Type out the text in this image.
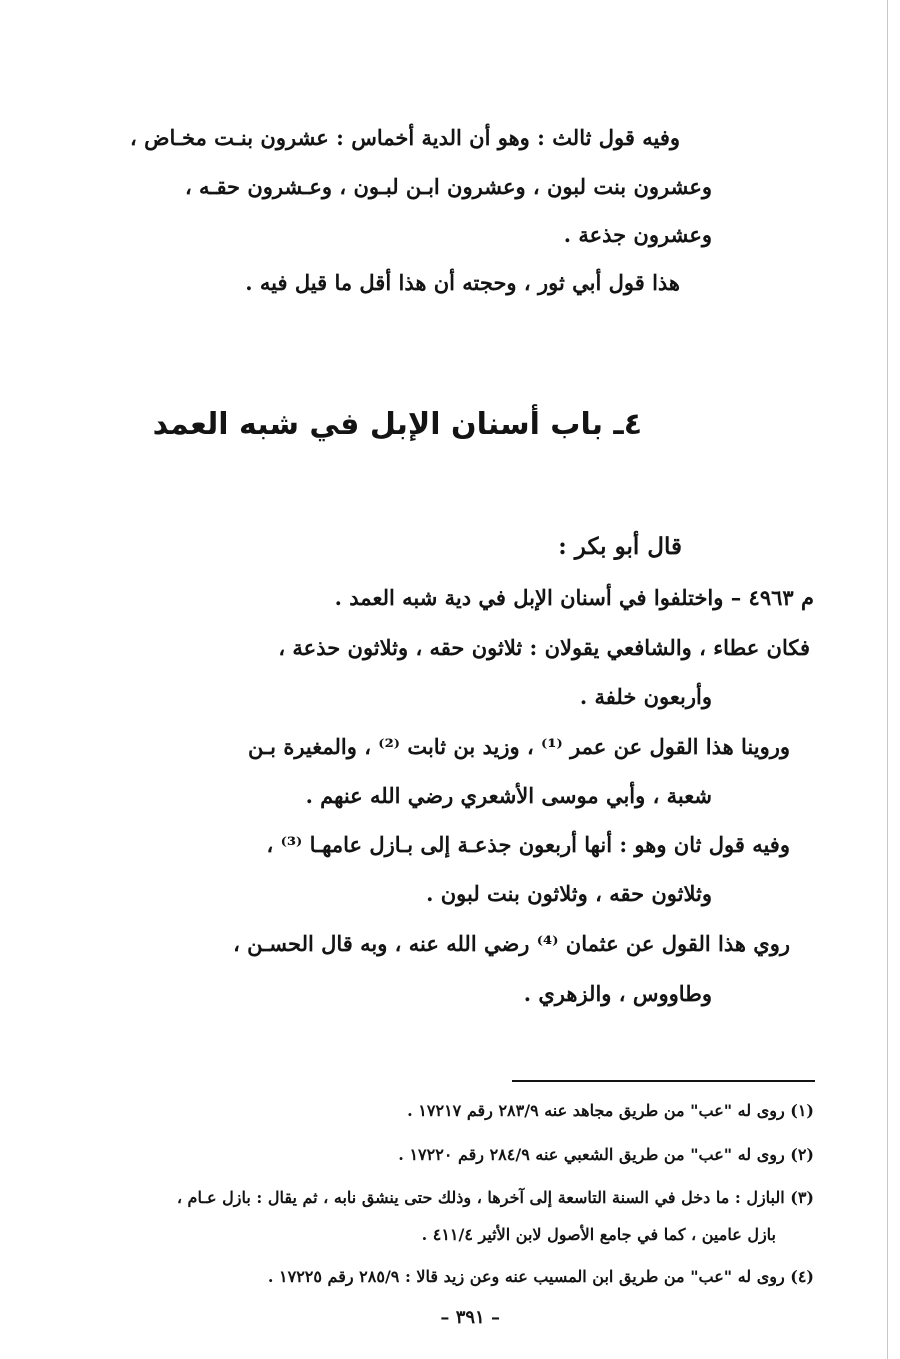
وفيه قول ثالث : وهو أن الدية أخماس : عشرون بنـت مخـاض ،
وعشرون بنت لبون ، وعشرون ابـن لبـون ، وعـشرون حقـه ،
وعشرون جذعة .
هذا قول أبي ثور ، وحجته أن هذا أقل ما قيل فيه .
٤ـ باب أسنان الإبل في شبه العمد
قال أبو بكر :
م ٤٩٦٣ – واختلفوا في أسنان الإبل في دية شبه العمد .
فكان عطاء ، والشافعي يقولان : ثلاثون حقه ، وثلاثون حذعة ،
وأربعون خلفة .
وروينا هذا القول عن عمر ⁽¹⁾ ، وزيد بن ثابت ⁽²⁾ ، والمغيرة بـن
شعبة ، وأبي موسى الأشعري رضي الله عنهم .
وفيه قول ثان وهو : أنها أربعون جذعـة إلى بـازل عامهـا ⁽³⁾ ،
وثلاثون حقه ، وثلاثون بنت لبون .
روي هذا القول عن عثمان ⁽⁴⁾ رضي الله عنه ، وبه قال الحسـن ،
وطاووس ، والزهري .
(١) روى له "عب" من طريق مجاهد عنه ٢٨٣/٩ رقم ١٧٢١٧ .
(٢) روى له "عب" من طريق الشعبي عنه ٢٨٤/٩ رقم ١٧٢٢٠ .
(٣) البازل : ما دخل في السنة التاسعة إلى آخرها ، وذلك حتى ينشق نابه ، ثم يقال : بازل عـام ،
بازل عامين ، كما في جامع الأصول لابن الأثير ٤١١/٤ .
(٤) روى له "عب" من طريق ابن المسيب عنه وعن زيد قالا : ٢٨٥/٩ رقم ١٧٢٢٥ .
– ٣٩١ –
